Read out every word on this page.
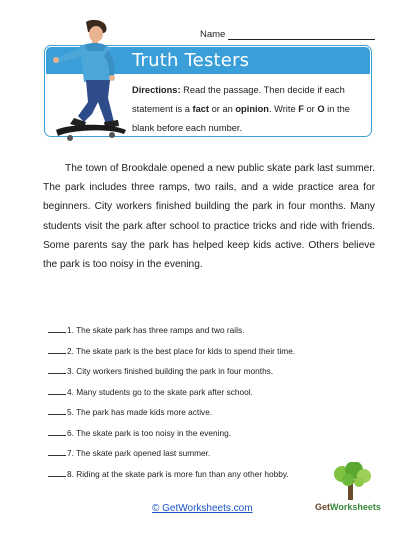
Name
Truth Testers
Directions: Read the passage. Then decide if each statement is a fact or an opinion. Write F or O in the blank before each number.
The town of Brookdale opened a new public skate park last summer. The park includes three ramps, two rails, and a wide practice area for beginners. City workers finished building the park in four months. Many students visit the park after school to practice tricks and ride with friends. Some parents say the park has helped keep kids active. Others believe the park is too noisy in the evening.
1. The skate park has three ramps and two rails.
2. The skate park is the best place for kids to spend their time.
3. City workers finished building the park in four months.
4. Many students go to the skate park after school.
5. The park has made kids more active.
6. The skate park is too noisy in the evening.
7. The skate park opened last summer.
8. Riding at the skate park is more fun than any other hobby.
© GetWorksheets.com	GetWorksheets
